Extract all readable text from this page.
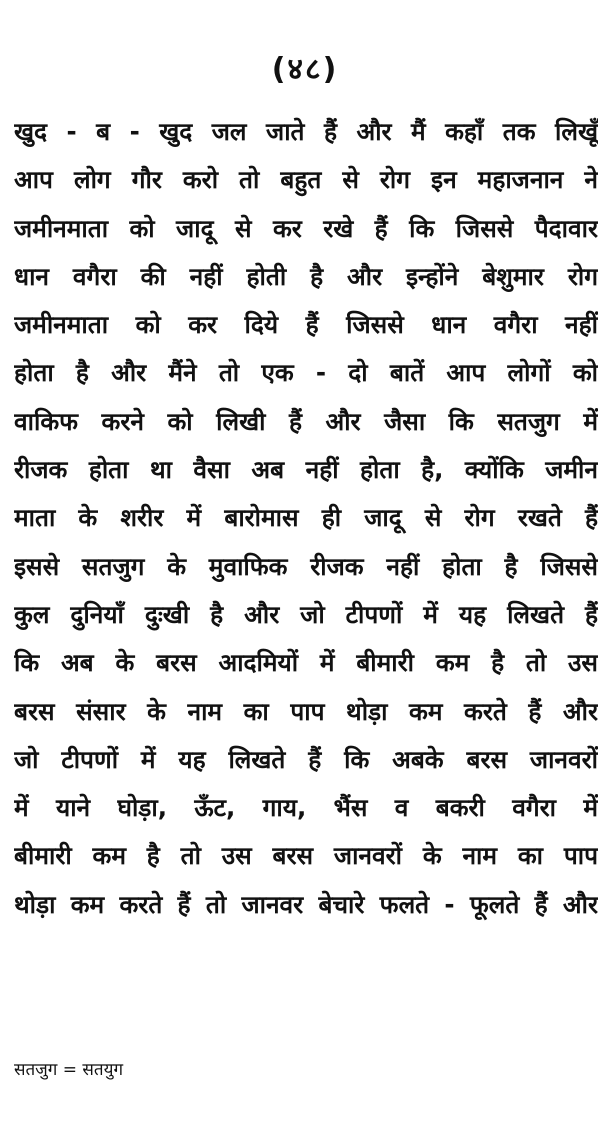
(४८)
खुद - ब - खुद जल जाते हैं और मैं कहाँ तक लिखूँ
आप लोग गौर करो तो बहुत से रोग इन महाजनान ने
जमीनमाता को जादू से कर रखे हैं कि जिससे पैदावार
धान वगैरा की नहीं होती है और इन्होंने बेशुमार रोग
जमीनमाता को कर दिये हैं जिससे धान वगैरा नहीं
होता है और मैंने तो एक - दो बातें आप लोगों को
वाकिफ करने को लिखी हैं और जैसा कि सतजुग में
रीजक होता था वैसा अब नहीं होता है, क्योंकि जमीन
माता के शरीर में बारोमास ही जादू से रोग रखते हैं
इससे सतजुग के मुवाफिक रीजक नहीं होता है जिससे
कुल दुनियाँ दुःखी है और जो टीपणों में यह लिखते हैं
कि अब के बरस आदमियों में बीमारी कम है तो उस
बरस संसार के नाम का पाप थोड़ा कम करते हैं और
जो टीपणों में यह लिखते हैं कि अबके बरस जानवरों
में याने घोड़ा, ऊँट, गाय, भैंस व बकरी वगैरा में
बीमारी कम है तो उस बरस जानवरों के नाम का पाप
थोड़ा कम करते हैं तो जानवर बेचारे फलते - फूलते हैं और
सतजुग = सतयुग
